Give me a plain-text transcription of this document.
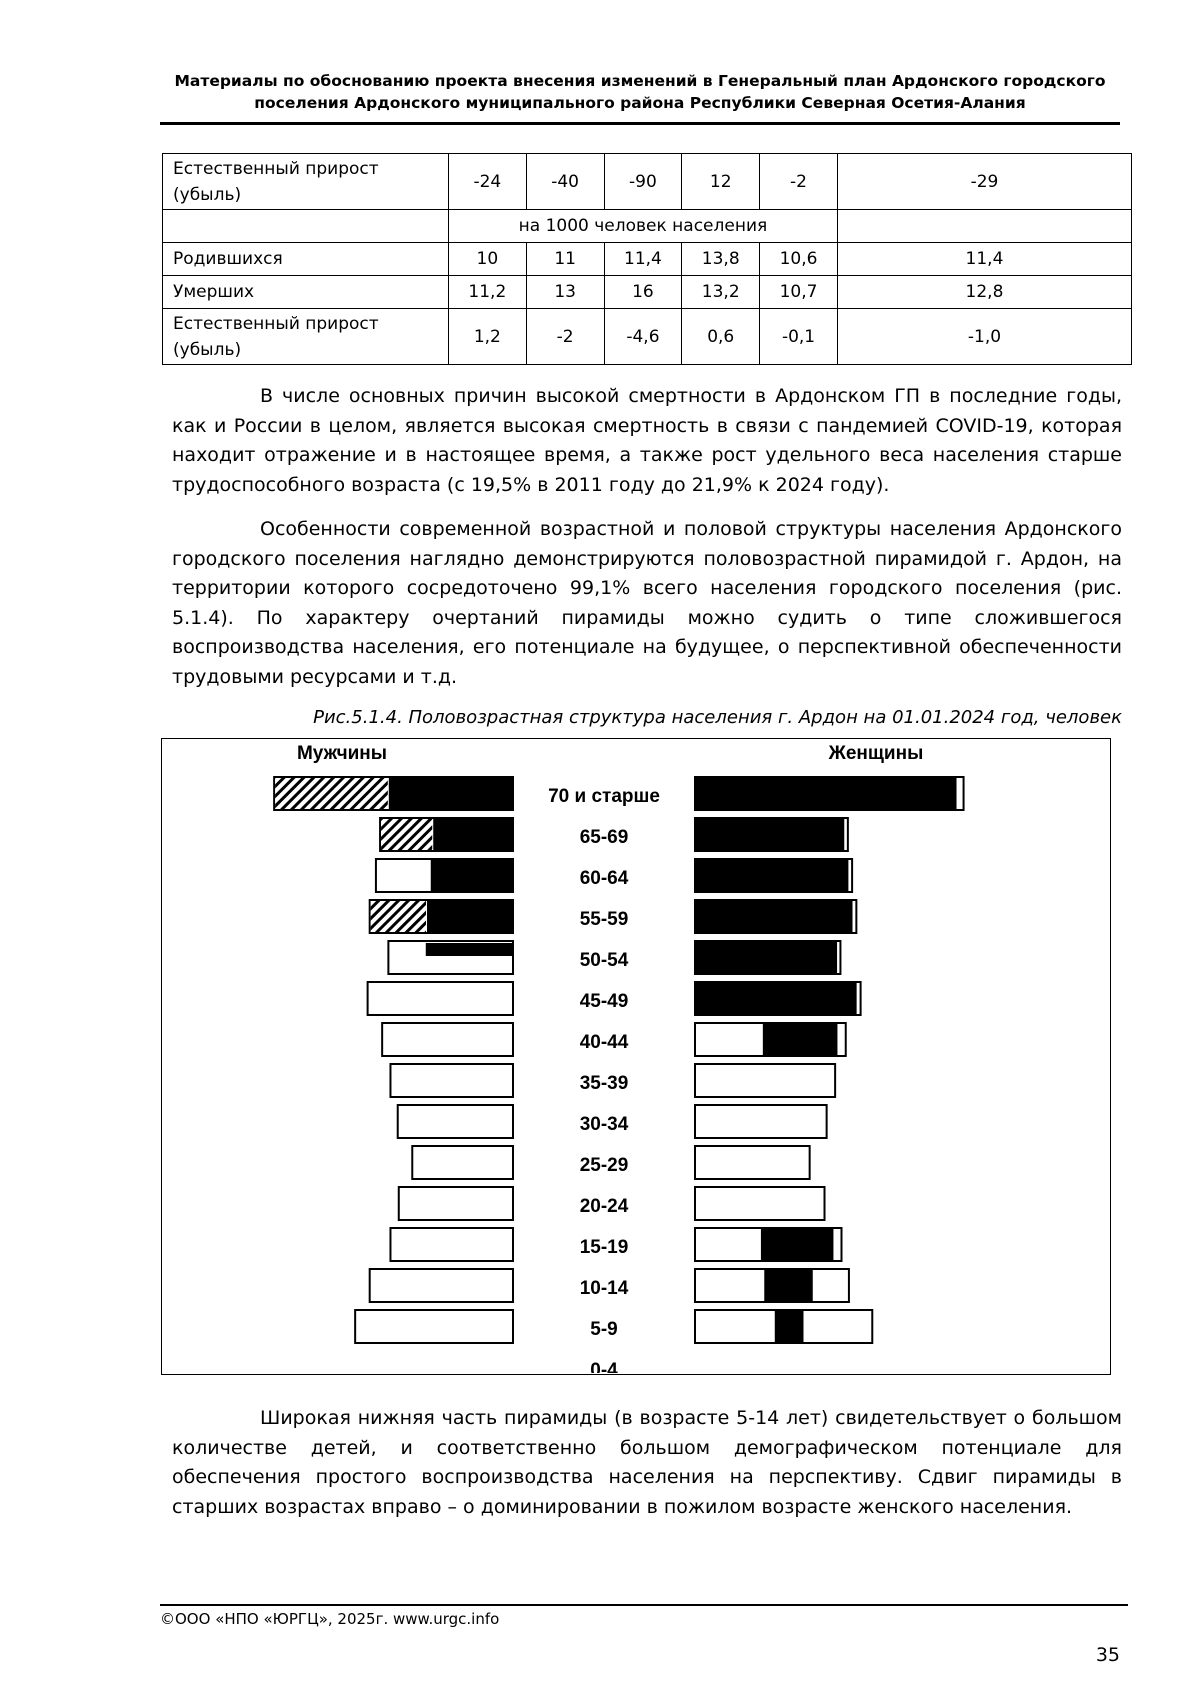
Материалы по обоснованию проекта внесения изменений в Генеральный план Ардонского городского
поселения Ардонского муниципального района Республики Северная Осетия-Алания
Естественный прирост (убыль)	-24	-40	-90	12	-2	-29
	на 1000 человек населения					
Родившихся	10	11	11,4	13,8	10,6	11,4
Умерших	11,2	13	16	13,2	10,7	12,8
Естественный прирост (убыль)	1,2	-2	-4,6	0,6	-0,1	-1,0

В числе основных причин высокой смертности в Ардонском ГП в последние годы, как и России в целом, является высокая смертность в связи с пандемией COVID-19, которая находит отражение и в настоящее время, а также рост удельного веса населения старше трудоспособного возраста (с 19,5% в 2011 году до 21,9% к 2024 году).

Особенности современной возрастной и половой структуры населения Ардонского городского поселения наглядно демонстрируются половозрастной пирамидой г. Ардон, на территории которого сосредоточено 99,1% всего населения городского поселения (рис. 5.1.4). По характеру очертаний пирамиды можно судить о типе сложившегося воспроизводства населения, его потенциале на будущее, о перспективной обеспеченности трудовыми ресурсами и т.д.

Рис.5.1.4. Половозрастная структура населения г. Ардон на 01.01.2024 год, человек

Мужчины	Женщины
70 и старше
65-69
60-64
55-59
50-54
45-49
40-44
35-39
30-34
25-29
20-24
15-19
10-14
5-9
0-4

Широкая нижняя часть пирамиды (в возрасте 5-14 лет) свидетельствует о большом количестве детей, и соответственно большом демографическом потенциале для обеспечения простого воспроизводства населения на перспективу. Сдвиг пирамиды в старших возрастах вправо – о доминировании в пожилом возрасте женского населения.

©ООО «НПО «ЮРГЦ», 2025г. www.urgc.info
35
